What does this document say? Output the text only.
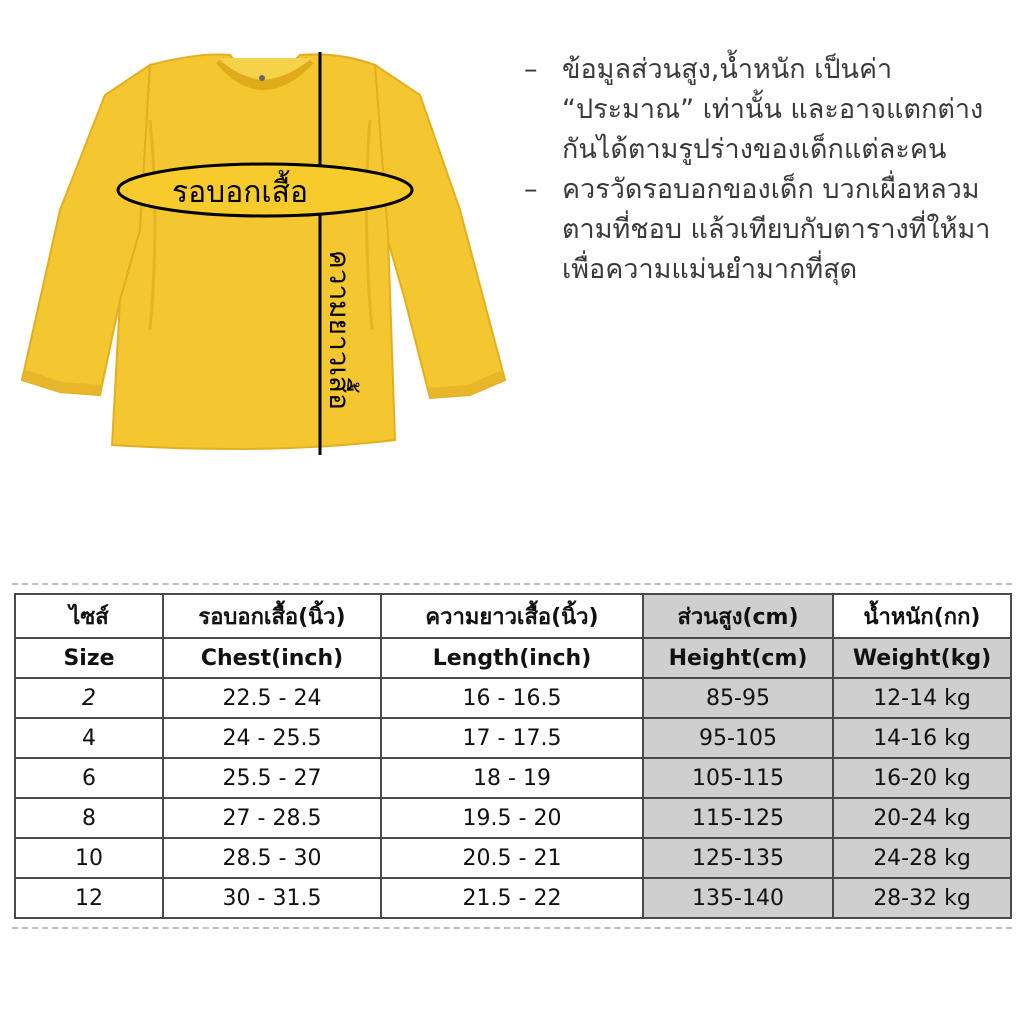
รอบอกเสื้อ
ความยาวเสื้อ
– ข้อมูลส่วนสูง,น้ำหนัก เป็นค่า “ประมาณ” เท่านั้น และอาจแตกต่างกันได้ตามรูปร่างของเด็กแต่ละคน
– ควรวัดรอบอกของเด็ก บวกเผื่อหลวมตามที่ชอบ แล้วเทียบกับตารางที่ให้มาเพื่อความแม่นยำมากที่สุด
ไซส์	รอบอกเสื้อ(นิ้ว)	ความยาวเสื้อ(นิ้ว)	ส่วนสูง(cm)	น้ำหนัก(กก)
Size	Chest(inch)	Length(inch)	Height(cm)	Weight(kg)
2	22.5 - 24	16 - 16.5	85-95	12-14 kg
4	24 - 25.5	17 - 17.5	95-105	14-16 kg
6	25.5 - 27	18 - 19	105-115	16-20 kg
8	27 - 28.5	19.5 - 20	115-125	20-24 kg
10	28.5 - 30	20.5 - 21	125-135	24-28 kg
12	30 - 31.5	21.5 - 22	135-140	28-32 kg
